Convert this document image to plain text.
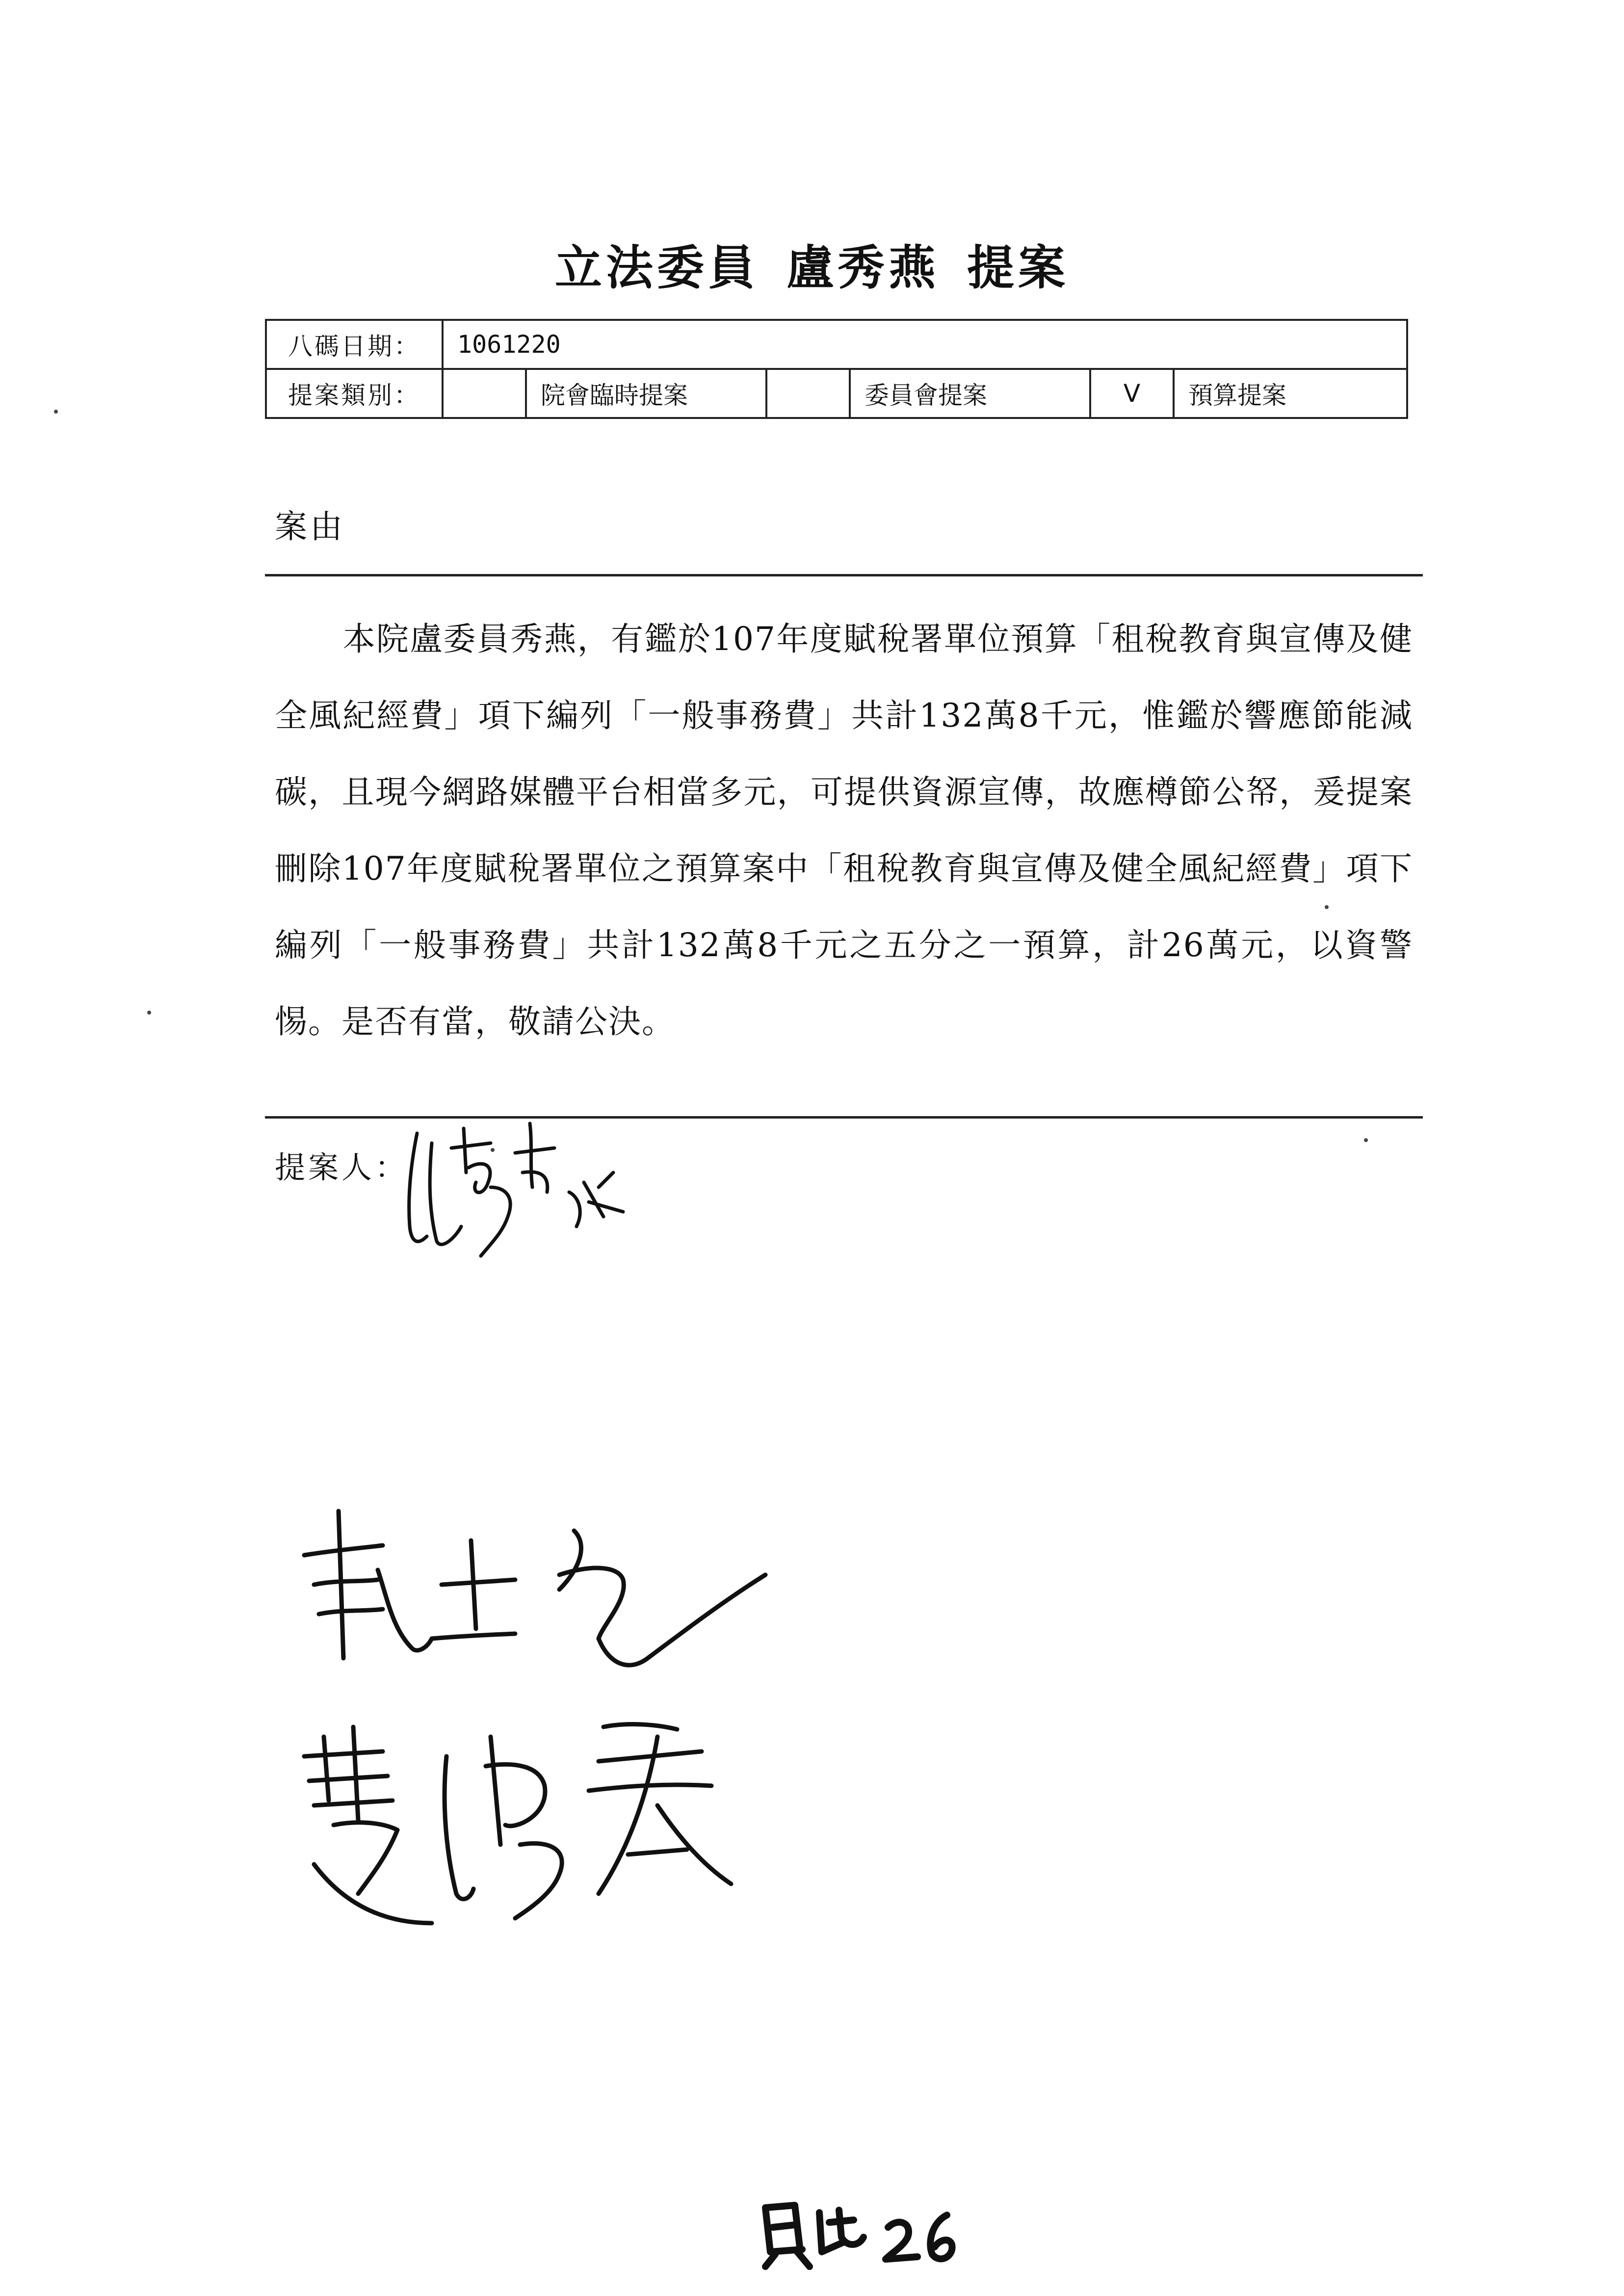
立法委員 盧秀燕 提案
八碼日期：	1061220					
提案類別：		院會臨時提案		委員會提案	V	預算提案
案由
本院盧委員秀燕，有鑑於107年度賦稅署單位預算「租稅教育與宣傳及健全風紀經費」項下編列「一般事務費」共計132萬8千元，惟鑑於響應節能減碳，且現今網路媒體平台相當多元，可提供資源宣傳，故應樽節公帑，爰提案刪除107年度賦稅署單位之預算案中「租稅教育與宣傳及健全風紀經費」項下編列「一般事務費」共計132萬8千元之五分之一預算，計26萬元，以資警惕。是否有當，敬請公決。
提案人：
賦26
